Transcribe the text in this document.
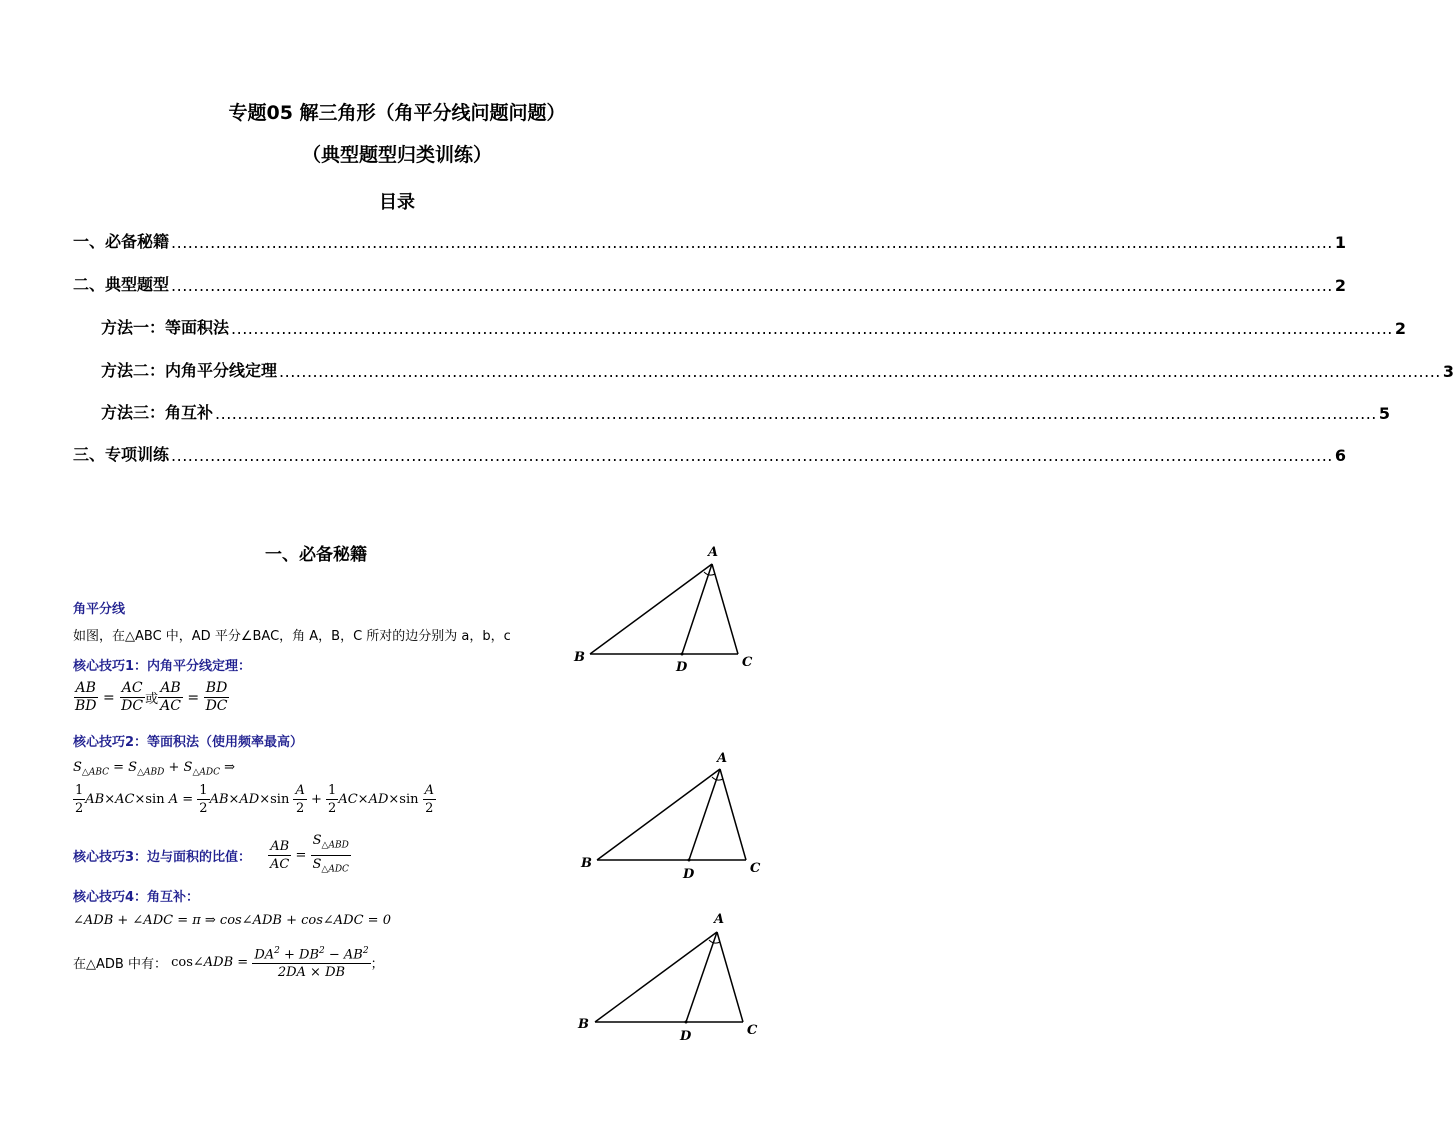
专题05 解三角形（角平分线问题问题）
（典型题型归类训练）
目录
一、必备秘籍 ................................................................................................................................................................................................................ 1
二、典型题型 ................................................................................................................................................................................................................ 2
方法一：等面积法 ................................................................................................................................................................................................................ 2
方法二：内角平分线定理 ................................................................................................................................................................................................................ 3
方法三：角互补 ................................................................................................................................................................................................................ 5
三、专项训练 ................................................................................................................................................................................................................ 6
一、必备秘籍
角平分线
如图，在△ABC 中，AD 平分∠BAC，角 A，B，C 所对的边分别为 a，b，c
核心技巧1：内角平分线定理：
$\frac{AB}{BD} = \frac{AC}{DC}$ 或 $\frac{AB}{AC} = \frac{BD}{DC}$
核心技巧2：等面积法（使用频率最高）
$S_{\triangle ABC} = S_{\triangle ABD} + S_{\triangle ADC}$ ⇒
$\frac{1}{2} AB\times AC\times\sin$ $A = \frac{1}{2} AB\times AD\times\sin \frac{A}{2} + \frac{1}{2} AC\times AD\times\sin \frac{A}{2}$
核心技巧3：边与面积的比值： $\frac{AB}{AC} = \frac{S_{\triangle ABD}}{S_{\triangle ADC}}$
核心技巧4：角互补：
∠ADB + ∠ADC = π ⇒ cos∠ADB + cos∠ADC = 0
在△ADB 中有： cos∠ADB = $\frac{DA^2 + DB^2 - AB^2}{2DA \times DB}$ ；
A
B
D	C
A
B
D	C
A
B
D	C
